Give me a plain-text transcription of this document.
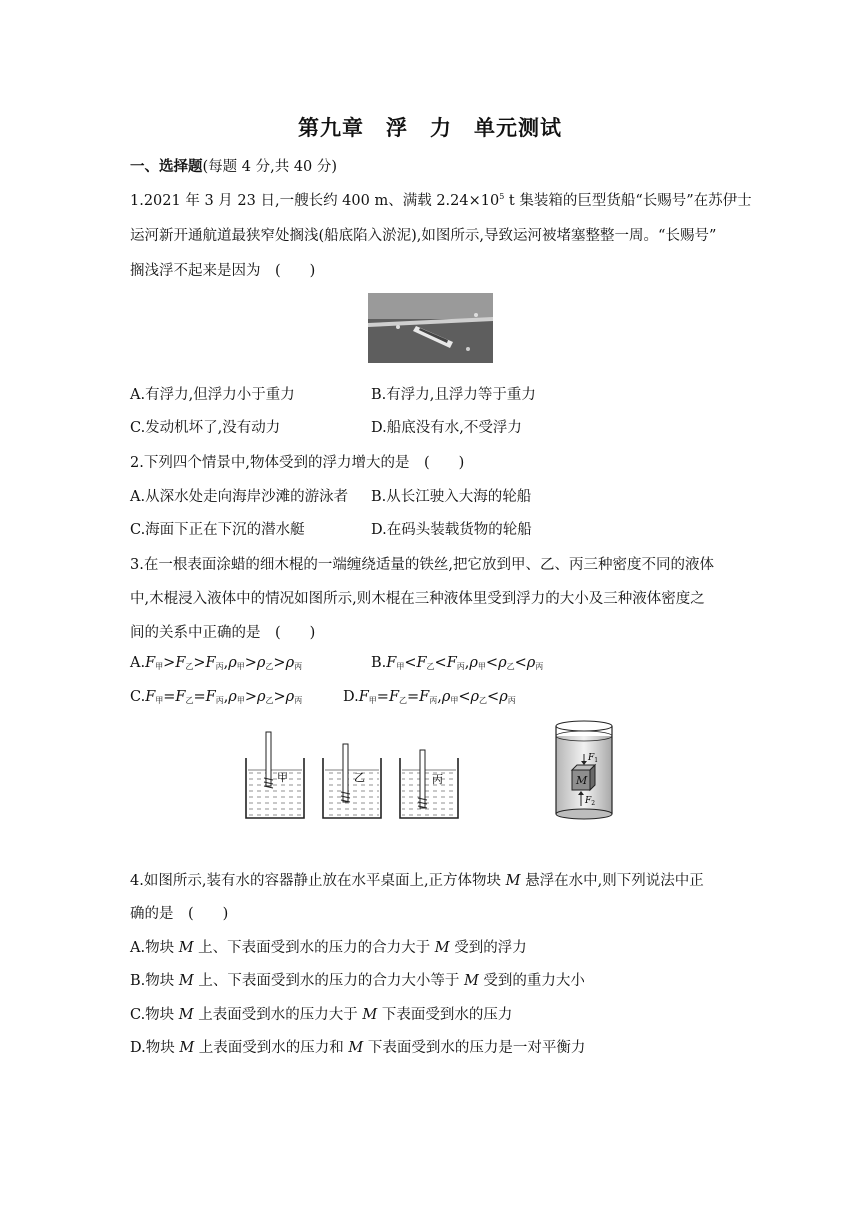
第九章　浮　力　单元测试
一、选择题(每题 4 分,共 40 分)
1.2021 年 3 月 23 日,一艘长约 400 m、满载 $2.24\times 10^5$ t 集装箱的巨型货船“长赐号”在苏伊士
运河新开通航道最狭窄处搁浅(船底陷入淤泥),如图所示,导致运河被堵塞整整一周。“长赐号”
搁浅浮不起来是因为　(　　)
A.有浮力,但浮力小于重力	B.有浮力,且浮力等于重力
C.发动机坏了,没有动力	D.船底没有水,不受浮力
2.下列四个情景中,物体受到的浮力增大的是　(　　)
A.从深水处走向海岸沙滩的游泳者 B.从长江驶入大海的轮船
C.海面下正在下沉的潜水艇	D.在码头装载货物的轮船
3.在一根表面涂蜡的细木棍的一端缠绕适量的铁丝,把它放到甲、乙、丙三种密度不同的液体
中,木棍浸入液体中的情况如图所示,则木棍在三种液体里受到浮力的大小及三种液体密度之
间的关系中正确的是　(　　)
$A.F_甲>F_乙>F_丙,\rho_甲>\rho_乙>\rho_丙$	$B.F_甲<F_乙<F_丙,\rho_甲<\rho_乙<\rho_丙$
$C.F_甲=F_乙=F_丙,\rho_甲>\rho_乙>\rho_丙$	$D.F_甲=F_乙=F_丙,\rho_甲<\rho_乙<\rho_丙$
甲	乙	丙	M
$F_1$
$F_2$
4.如图所示,装有水的容器静止放在水平桌面上,正方体物块 M 悬浮在水中,则下列说法中正
确的是　(　　)
A.物块 M 上、下表面受到水的压力的合力大于 M 受到的浮力
B.物块 M 上、下表面受到水的压力的合力大小等于 M 受到的重力大小
C.物块 M 上表面受到水的压力大于 M 下表面受到水的压力
D.物块 M 上表面受到水的压力和 M 下表面受到水的压力是一对平衡力
